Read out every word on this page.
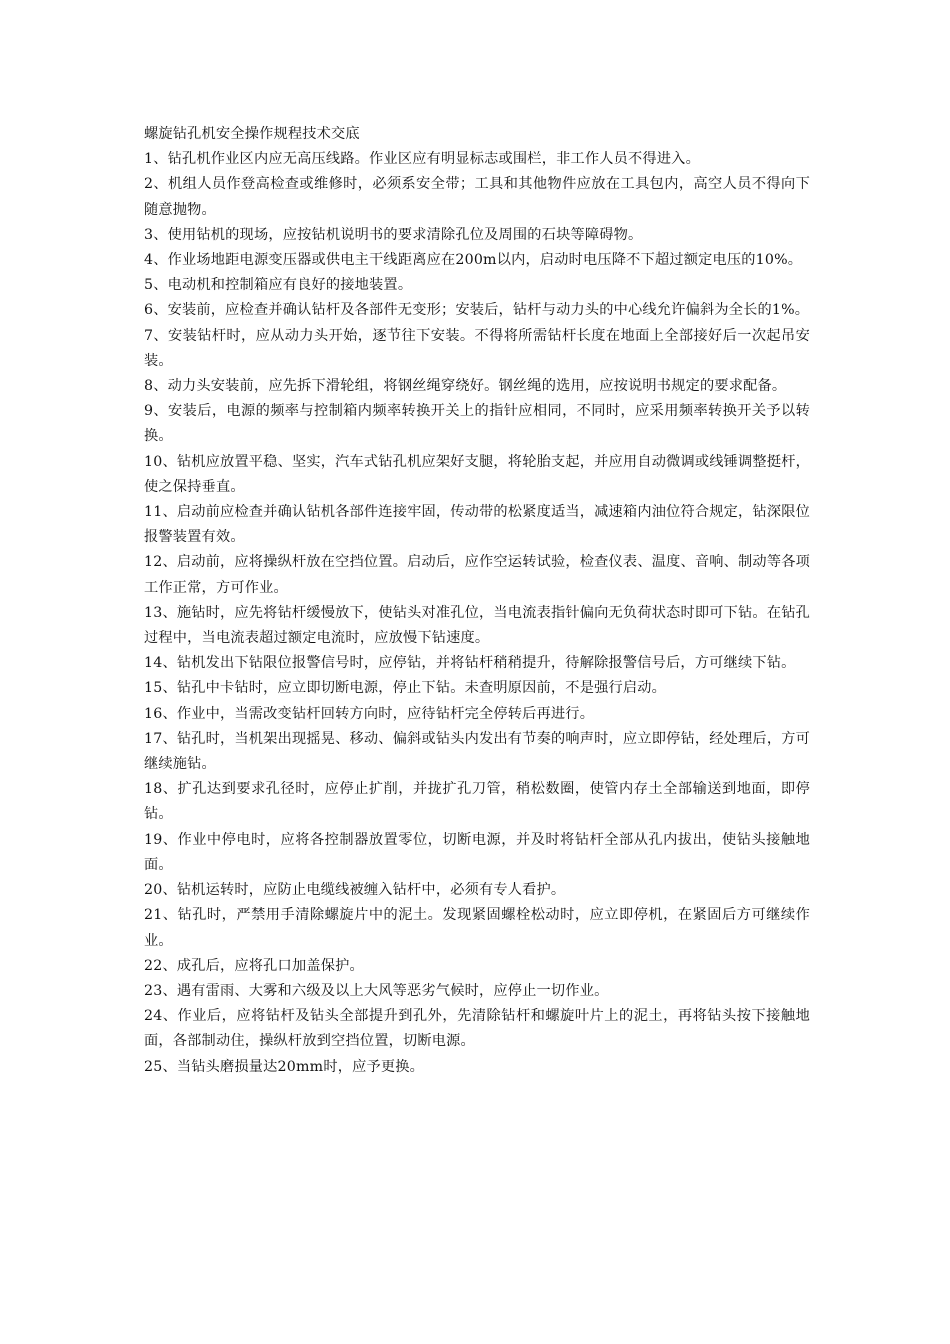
螺旋钻孔机安全操作规程技术交底

1、钻孔机作业区内应无高压线路。作业区应有明显标志或围栏，非工作人员不得进入。

2、机组人员作登高检查或维修时，必须系安全带；工具和其他物件应放在工具包内，高空人员不得向下随意抛物。

3、使用钻机的现场，应按钻机说明书的要求清除孔位及周围的石块等障碍物。

4、作业场地距电源变压器或供电主干线距离应在200m以内，启动时电压降不下超过额定电压的10%。

5、电动机和控制箱应有良好的接地装置。

6、安装前，应检查并确认钻杆及各部件无变形；安装后，钻杆与动力头的中心线允许偏斜为全长的1%。

7、安装钻杆时，应从动力头开始，逐节往下安装。不得将所需钻杆长度在地面上全部接好后一次起吊安装。

8、动力头安装前，应先拆下滑轮组，将钢丝绳穿绕好。钢丝绳的选用，应按说明书规定的要求配备。

9、安装后，电源的频率与控制箱内频率转换开关上的指针应相同，不同时，应采用频率转换开关予以转换。

10、钻机应放置平稳、坚实，汽车式钻孔机应架好支腿，将轮胎支起，并应用自动微调或线锤调整挺杆，使之保持垂直。

11、启动前应检查并确认钻机各部件连接牢固，传动带的松紧度适当，减速箱内油位符合规定，钻深限位报警装置有效。

12、启动前，应将操纵杆放在空挡位置。启动后，应作空运转试验，检查仪表、温度、音响、制动等各项工作正常，方可作业。

13、施钻时，应先将钻杆缓慢放下，使钻头对准孔位，当电流表指针偏向无负荷状态时即可下钻。在钻孔过程中，当电流表超过额定电流时，应放慢下钻速度。

14、钻机发出下钻限位报警信号时，应停钻，并将钻杆稍稍提升，待解除报警信号后，方可继续下钻。

15、钻孔中卡钻时，应立即切断电源，停止下钻。未查明原因前，不是强行启动。

16、作业中，当需改变钻杆回转方向时，应待钻杆完全停转后再进行。

17、钻孔时，当机架出现摇晃、移动、偏斜或钻头内发出有节奏的响声时，应立即停钻，经处理后，方可继续施钻。

18、扩孔达到要求孔径时，应停止扩削，并拢扩孔刀管，稍松数圈，使管内存土全部输送到地面，即停钻。

19、作业中停电时，应将各控制器放置零位，切断电源，并及时将钻杆全部从孔内拔出，使钻头接触地面。

20、钻机运转时，应防止电缆线被缠入钻杆中，必须有专人看护。

21、钻孔时，严禁用手清除螺旋片中的泥土。发现紧固螺栓松动时，应立即停机，在紧固后方可继续作业。

22、成孔后，应将孔口加盖保护。

23、遇有雷雨、大雾和六级及以上大风等恶劣气候时，应停止一切作业。

24、作业后，应将钻杆及钻头全部提升到孔外，先清除钻杆和螺旋叶片上的泥土，再将钻头按下接触地面，各部制动住，操纵杆放到空挡位置，切断电源。

25、当钻头磨损量达20mm时，应予更换。
